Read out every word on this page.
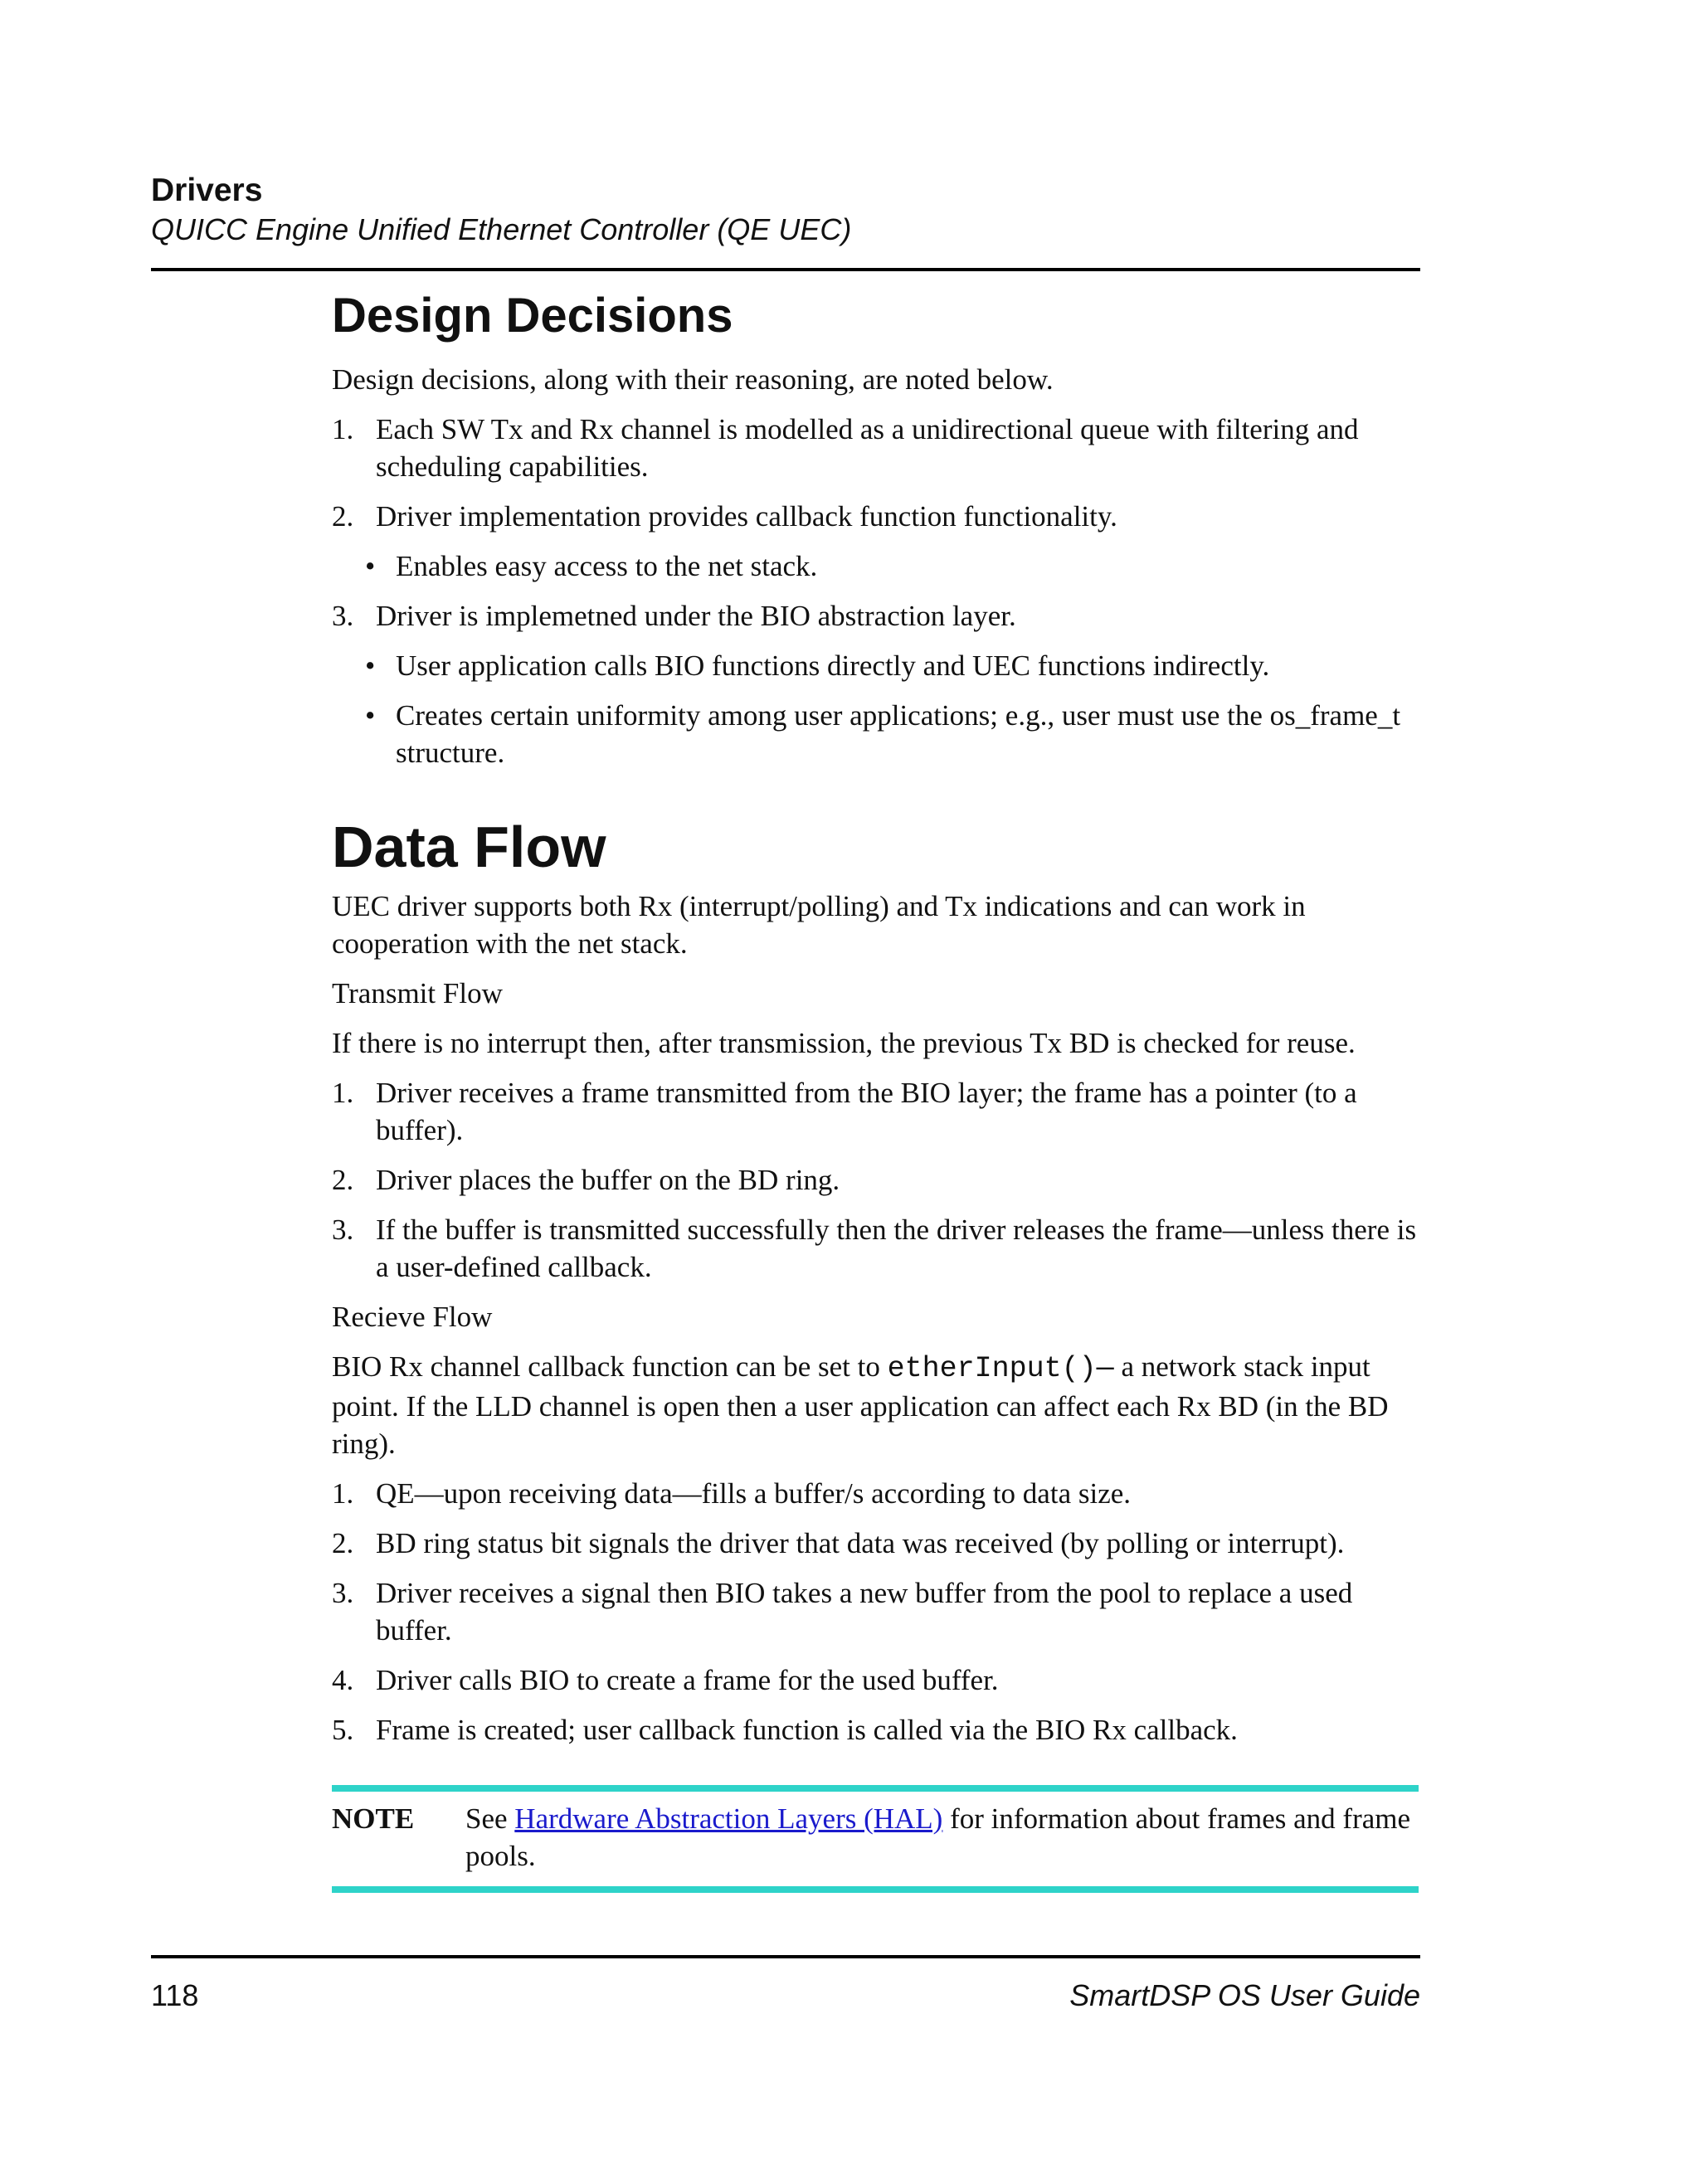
Drivers
QUICC Engine Unified Ethernet Controller (QE UEC)
Design Decisions

Design decisions, along with their reasoning, are noted below.

1. Each SW Tx and Rx channel is modelled as a unidirectional queue with filtering and scheduling capabilities.
2. Driver implementation provides callback function functionality.
• Enables easy access to the net stack.
3. Driver is implemetned under the BIO abstraction layer.
• User application calls BIO functions directly and UEC functions indirectly.
• Creates certain uniformity among user applications; e.g., user must use the os_frame_t structure.
Data Flow

UEC driver supports both Rx (interrupt/polling) and Tx indications and can work in cooperation with the net stack.

Transmit Flow

If there is no interrupt then, after transmission, the previous Tx BD is checked for reuse.

1. Driver receives a frame transmitted from the BIO layer; the frame has a pointer (to a buffer).
2. Driver places the buffer on the BD ring.
3. If the buffer is transmitted successfully then the driver releases the frame—unless there is a user-defined callback.

Recieve Flow

BIO Rx channel callback function can be set to etherInput()— a network stack input point. If the LLD channel is open then a user application can affect each Rx BD (in the BD ring).

1. QE—upon receiving data—fills a buffer/s according to data size.
2. BD ring status bit signals the driver that data was received (by polling or interrupt).
3. Driver receives a signal then BIO takes a new buffer from the pool to replace a used buffer.
4. Driver calls BIO to create a frame for the used buffer.
5. Frame is created; user callback function is called via the BIO Rx callback.
NOTE	See Hardware Abstraction Layers (HAL) for information about frames and frame pools.
118	SmartDSP OS User Guide
